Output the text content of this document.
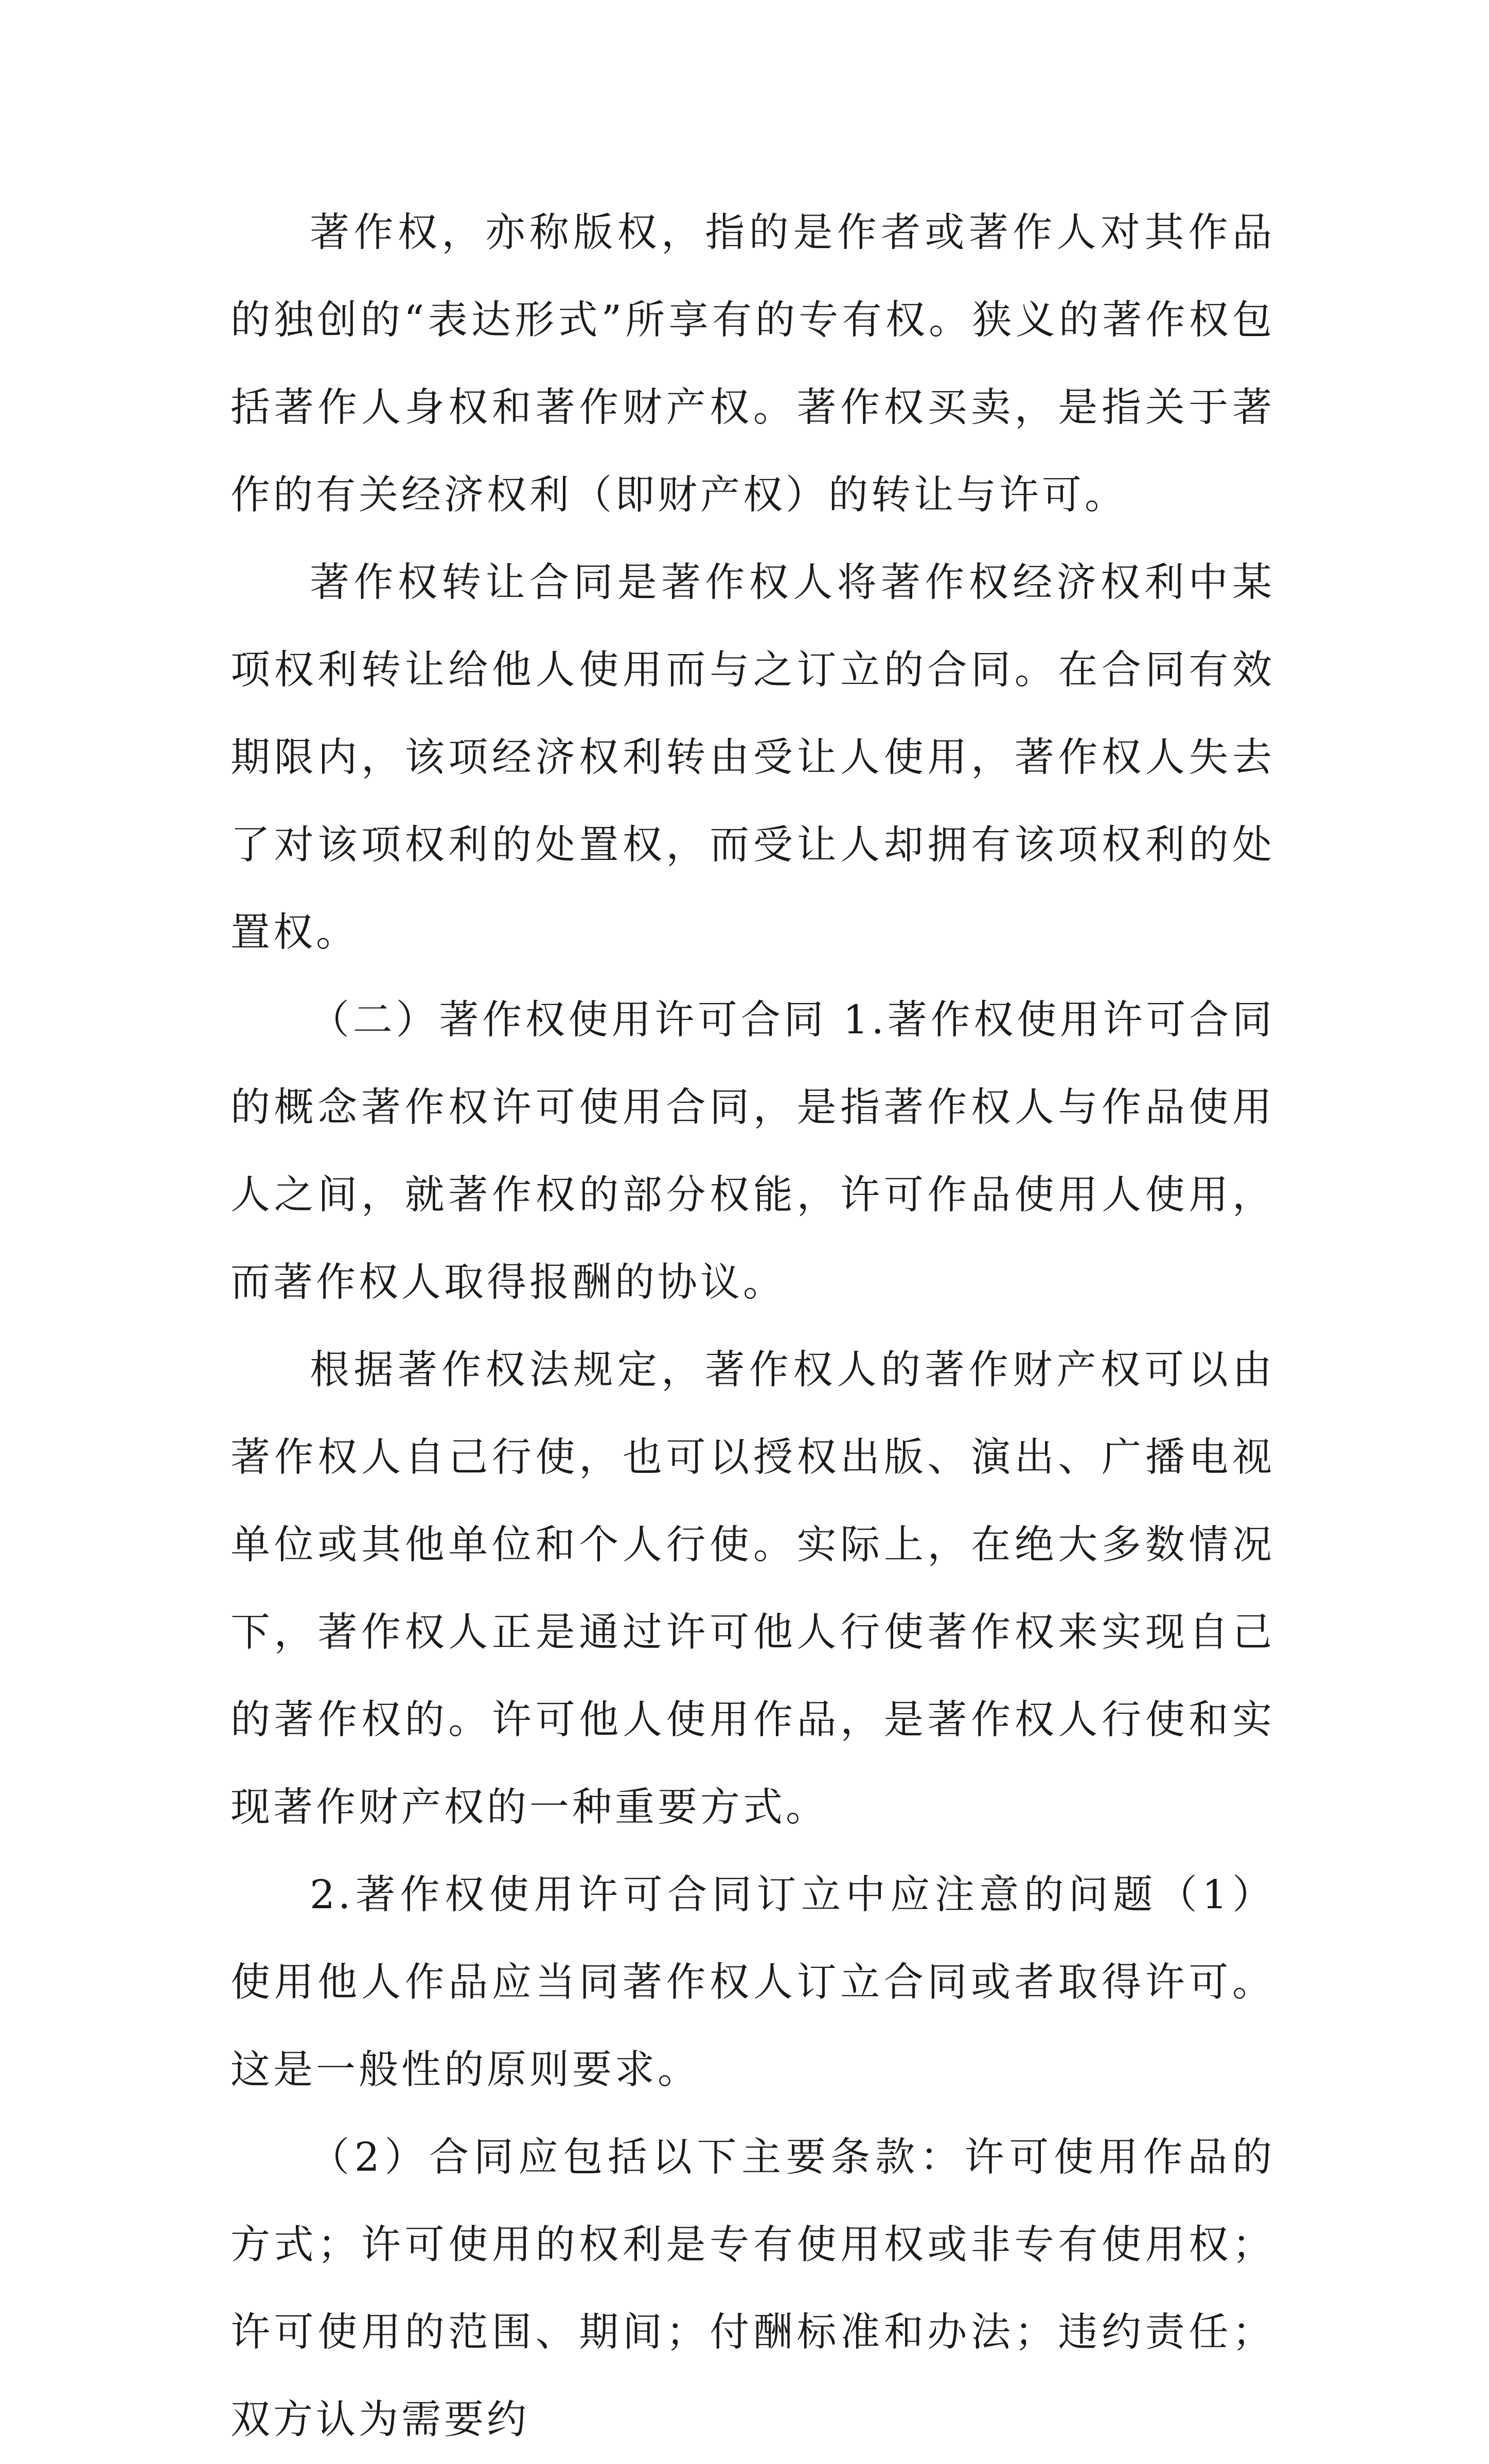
著作权，亦称版权，指的是作者或著作人对其作品的独创的“表达形式”所享有的专有权。狭义的著作权包括著作人身权和著作财产权。著作权买卖，是指关于著作的有关经济权利（即财产权）的转让与许可。

著作权转让合同是著作权人将著作权经济权利中某项权利转让给他人使用而与之订立的合同。在合同有效期限内，该项经济权利转由受让人使用，著作权人失去了对该项权利的处置权，而受让人却拥有该项权利的处置权。

（二）著作权使用许可合同 1.著作权使用许可合同的概念著作权许可使用合同，是指著作权人与作品使用人之间，就著作权的部分权能，许可作品使用人使用，而著作权人取得报酬的协议。

根据著作权法规定，著作权人的著作财产权可以由著作权人自己行使，也可以授权出版、演出、广播电视单位或其他单位和个人行使。实际上，在绝大多数情况下，著作权人正是通过许可他人行使著作权来实现自己的著作权的。许可他人使用作品，是著作权人行使和实现著作财产权的一种重要方式。

2.著作权使用许可合同订立中应注意的问题（1）使用他人作品应当同著作权人订立合同或者取得许可。这是一般性的原则要求。

（2）合同应包括以下主要条款：许可使用作品的方式；许可使用的权利是专有使用权或非专有使用权；许可使用的范围、期间；付酬标准和办法；违约责任；双方认为需要约
